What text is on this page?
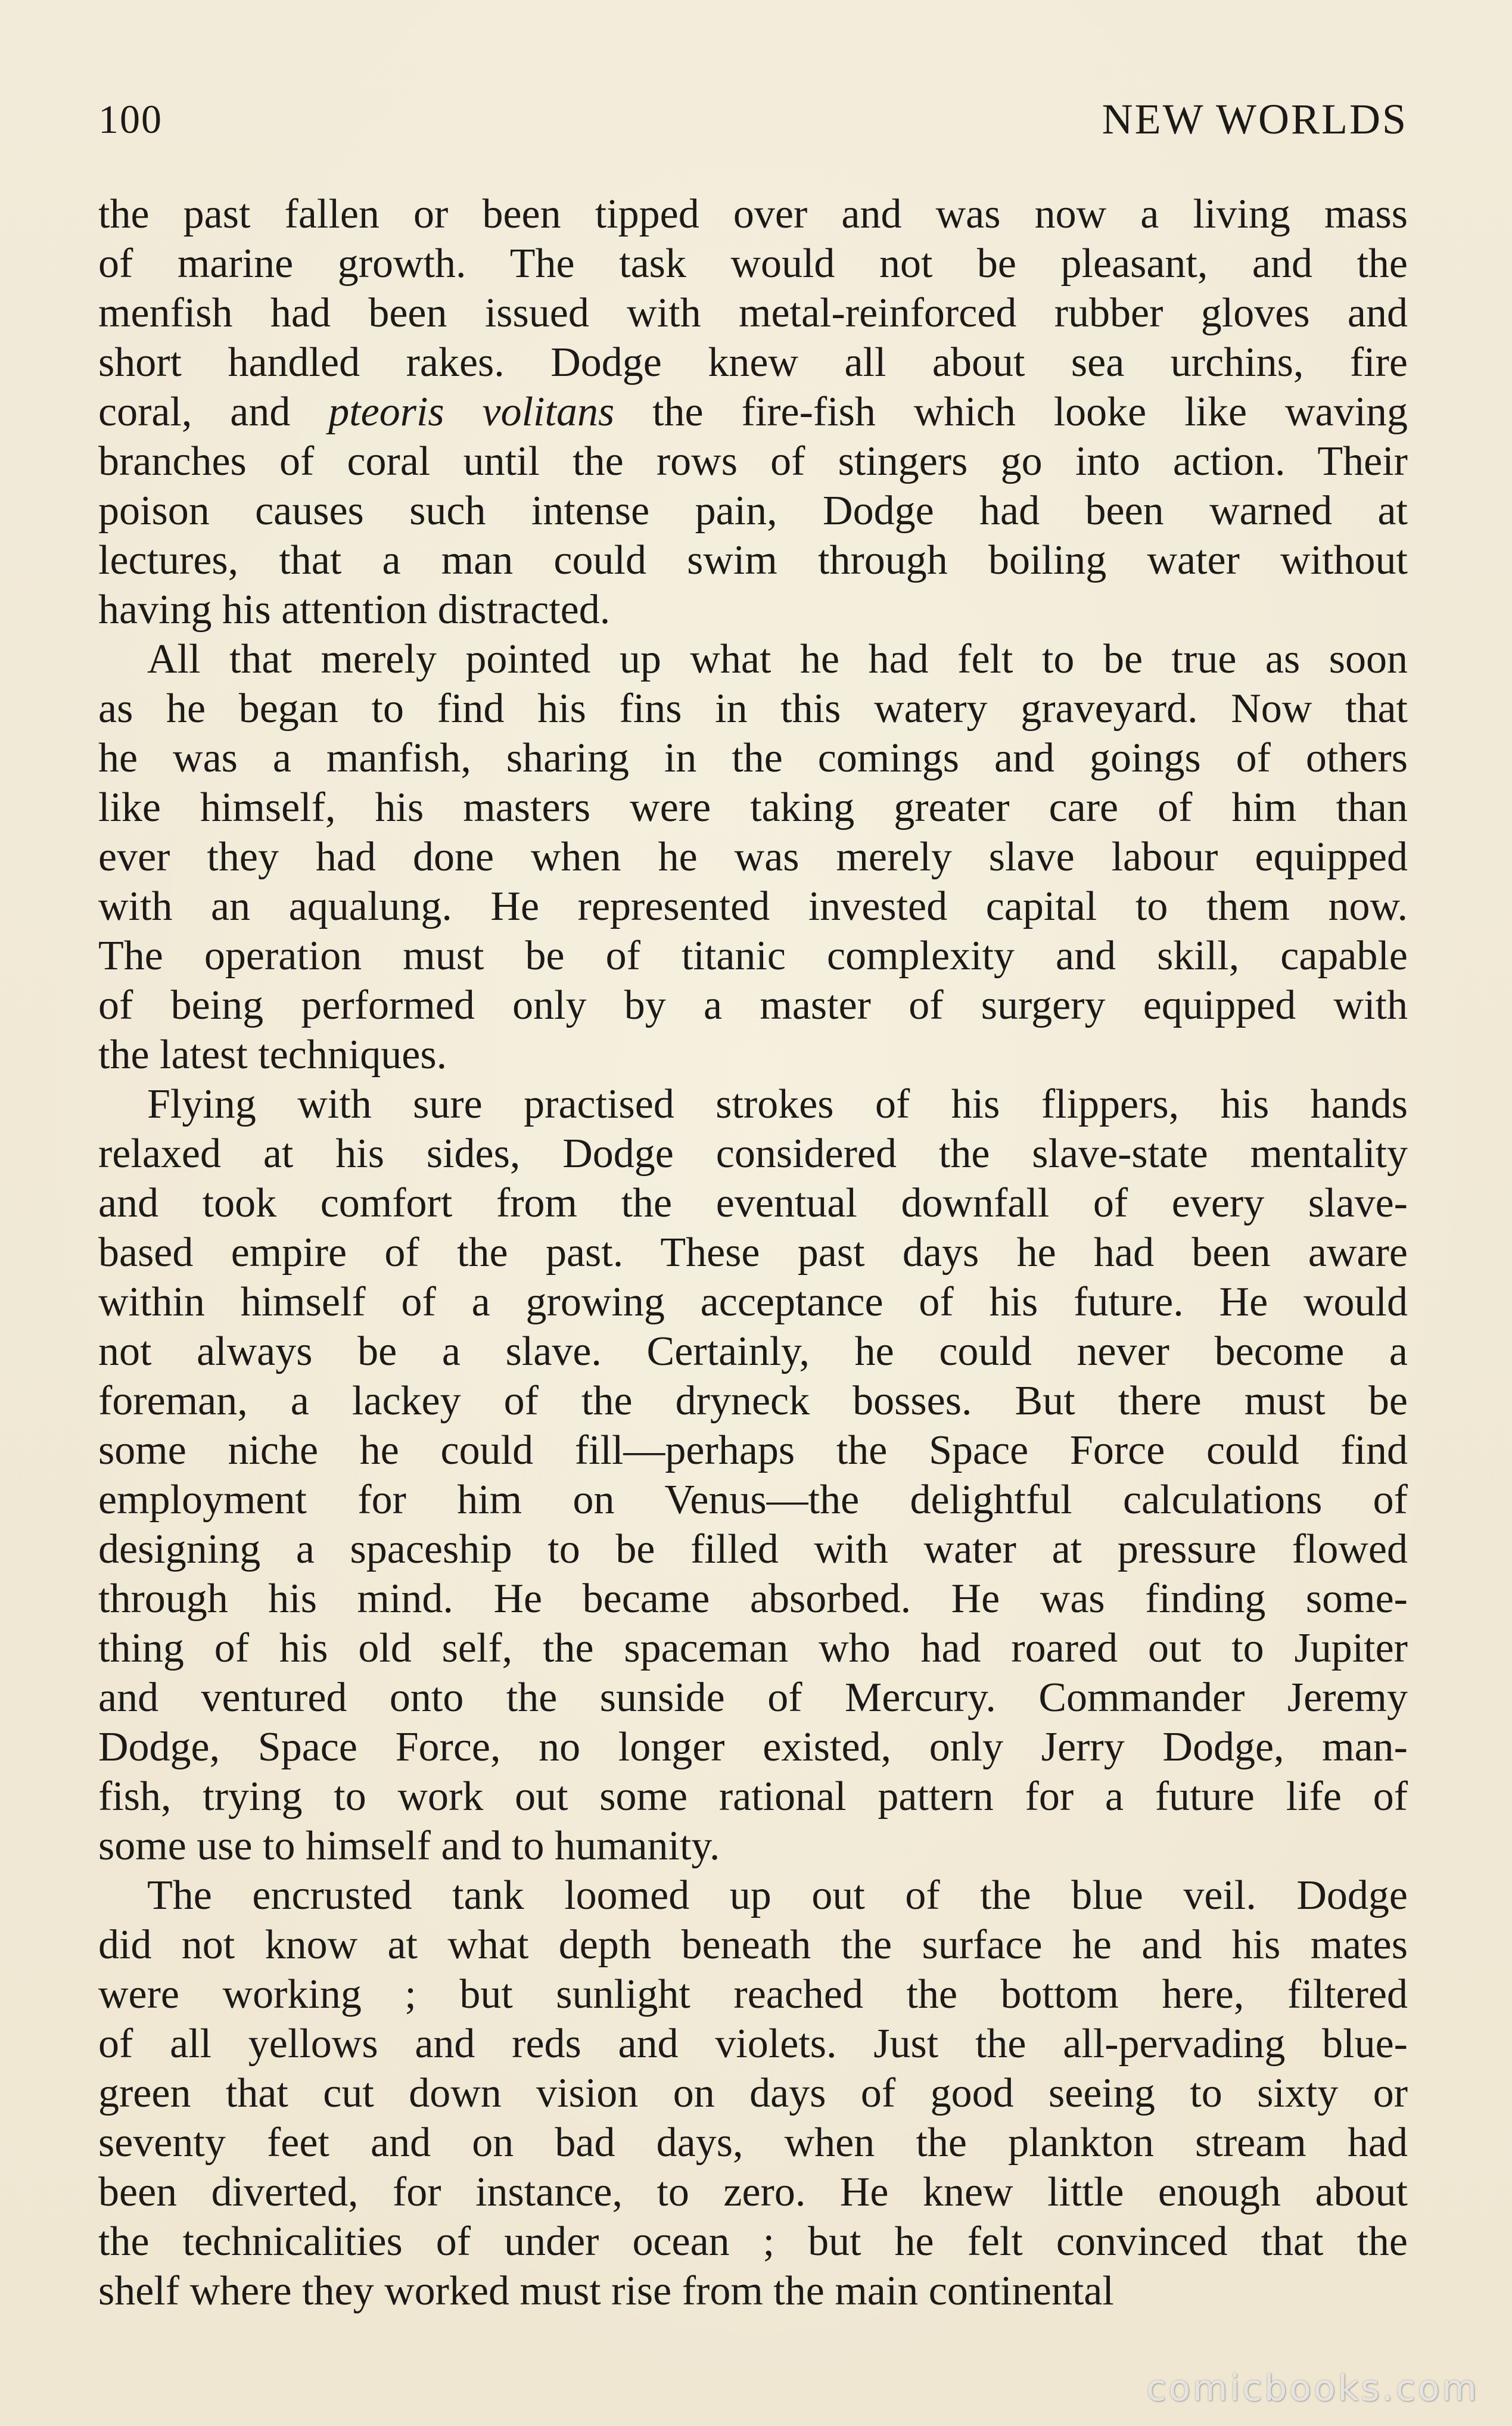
100	NEW WORLDS
the past fallen or been tipped over and was now a living mass
of marine growth. The task would not be pleasant, and the
menfish had been issued with metal-reinforced rubber gloves and
short handled rakes. Dodge knew all about sea urchins, fire
coral, and pteoris volitans the fire-fish which looke like waving
branches of coral until the rows of stingers go into action. Their
poison causes such intense pain, Dodge had been warned at
lectures, that a man could swim through boiling water without
having his attention distracted.
All that merely pointed up what he had felt to be true as soon
as he began to find his fins in this watery graveyard. Now that
he was a manfish, sharing in the comings and goings of others
like himself, his masters were taking greater care of him than
ever they had done when he was merely slave labour equipped
with an aqualung. He represented invested capital to them now.
The operation must be of titanic complexity and skill, capable
of being performed only by a master of surgery equipped with
the latest techniques.
Flying with sure practised strokes of his flippers, his hands
relaxed at his sides, Dodge considered the slave-state mentality
and took comfort from the eventual downfall of every slave-
based empire of the past. These past days he had been aware
within himself of a growing acceptance of his future. He would
not always be a slave. Certainly, he could never become a
foreman, a lackey of the dryneck bosses. But there must be
some niche he could fill—perhaps the Space Force could find
employment for him on Venus—the delightful calculations of
designing a spaceship to be filled with water at pressure flowed
through his mind. He became absorbed. He was finding some-
thing of his old self, the spaceman who had roared out to Jupiter
and ventured onto the sunside of Mercury. Commander Jeremy
Dodge, Space Force, no longer existed, only Jerry Dodge, man-
fish, trying to work out some rational pattern for a future life of
some use to himself and to humanity.
The encrusted tank loomed up out of the blue veil. Dodge
did not know at what depth beneath the surface he and his mates
were working ; but sunlight reached the bottom here, filtered
of all yellows and reds and violets. Just the all-pervading blue-
green that cut down vision on days of good seeing to sixty or
seventy feet and on bad days, when the plankton stream had
been diverted, for instance, to zero. He knew little enough about
the technicalities of under ocean ; but he felt convinced that the
shelf where they worked must rise from the main continental
comicbooks.com
